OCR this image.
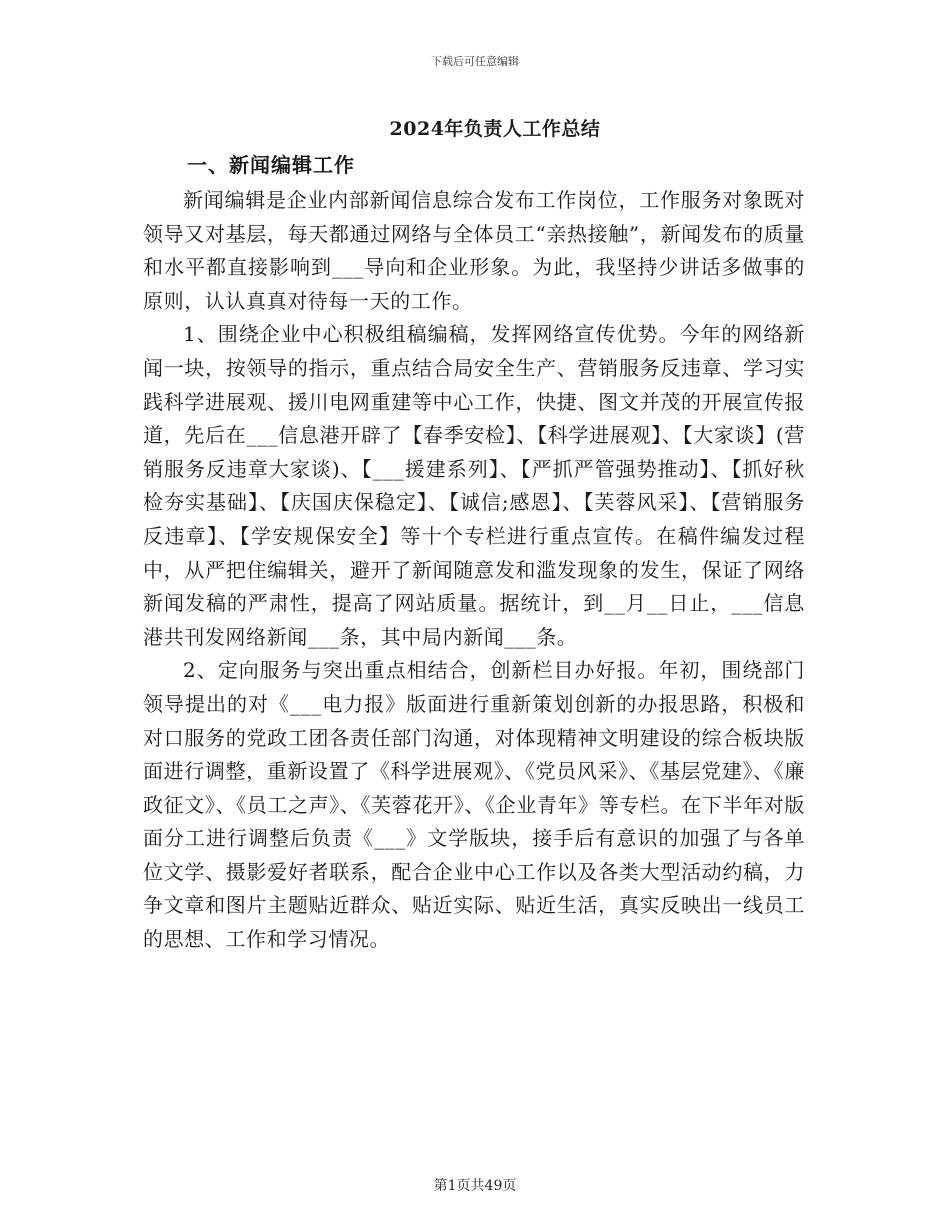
下载后可任意编辑
2024年负责人工作总结
一、新闻编辑工作

新闻编辑是企业内部新闻信息综合发布工作岗位，工作服务对象既对领导又对基层，每天都通过网络与全体员工“亲热接触”，新闻发布的质量和水平都直接影响到___导向和企业形象。为此，我坚持少讲话多做事的原则，认认真真对待每一天的工作。

1、围绕企业中心积极组稿编稿，发挥网络宣传优势。今年的网络新闻一块，按领导的指示，重点结合局安全生产、营销服务反违章、学习实践科学进展观、援川电网重建等中心工作，快捷、图文并茂的开展宣传报道，先后在___信息港开辟了【春季安检】、【科学进展观】、【大家谈】(营销服务反违章大家谈)、【___援建系列】、【严抓严管强势推动】、【抓好秋检夯实基础】、【庆国庆保稳定】、【诚信;感恩】、【芙蓉风采】、【营销服务反违章】、【学安规保安全】等十个专栏进行重点宣传。在稿件编发过程中，从严把住编辑关，避开了新闻随意发和滥发现象的发生，保证了网络新闻发稿的严肃性，提高了网站质量。据统计，到__月__日止，___信息港共刊发网络新闻___条，其中局内新闻___条。

2、定向服务与突出重点相结合，创新栏目办好报。年初，围绕部门领导提出的对《___电力报》版面进行重新策划创新的办报思路，积极和对口服务的党政工团各责任部门沟通，对体现精神文明建设的综合板块版面进行调整，重新设置了《科学进展观》、《党员风采》、《基层党建》、《廉政征文》、《员工之声》、《芙蓉花开》、《企业青年》等专栏。在下半年对版面分工进行调整后负责《___》文学版块，接手后有意识的加强了与各单位文学、摄影爱好者联系，配合企业中心工作以及各类大型活动约稿，力争文章和图片主题贴近群众、贴近实际、贴近生活，真实反映出一线员工的思想、工作和学习情况。

第1页共49页
